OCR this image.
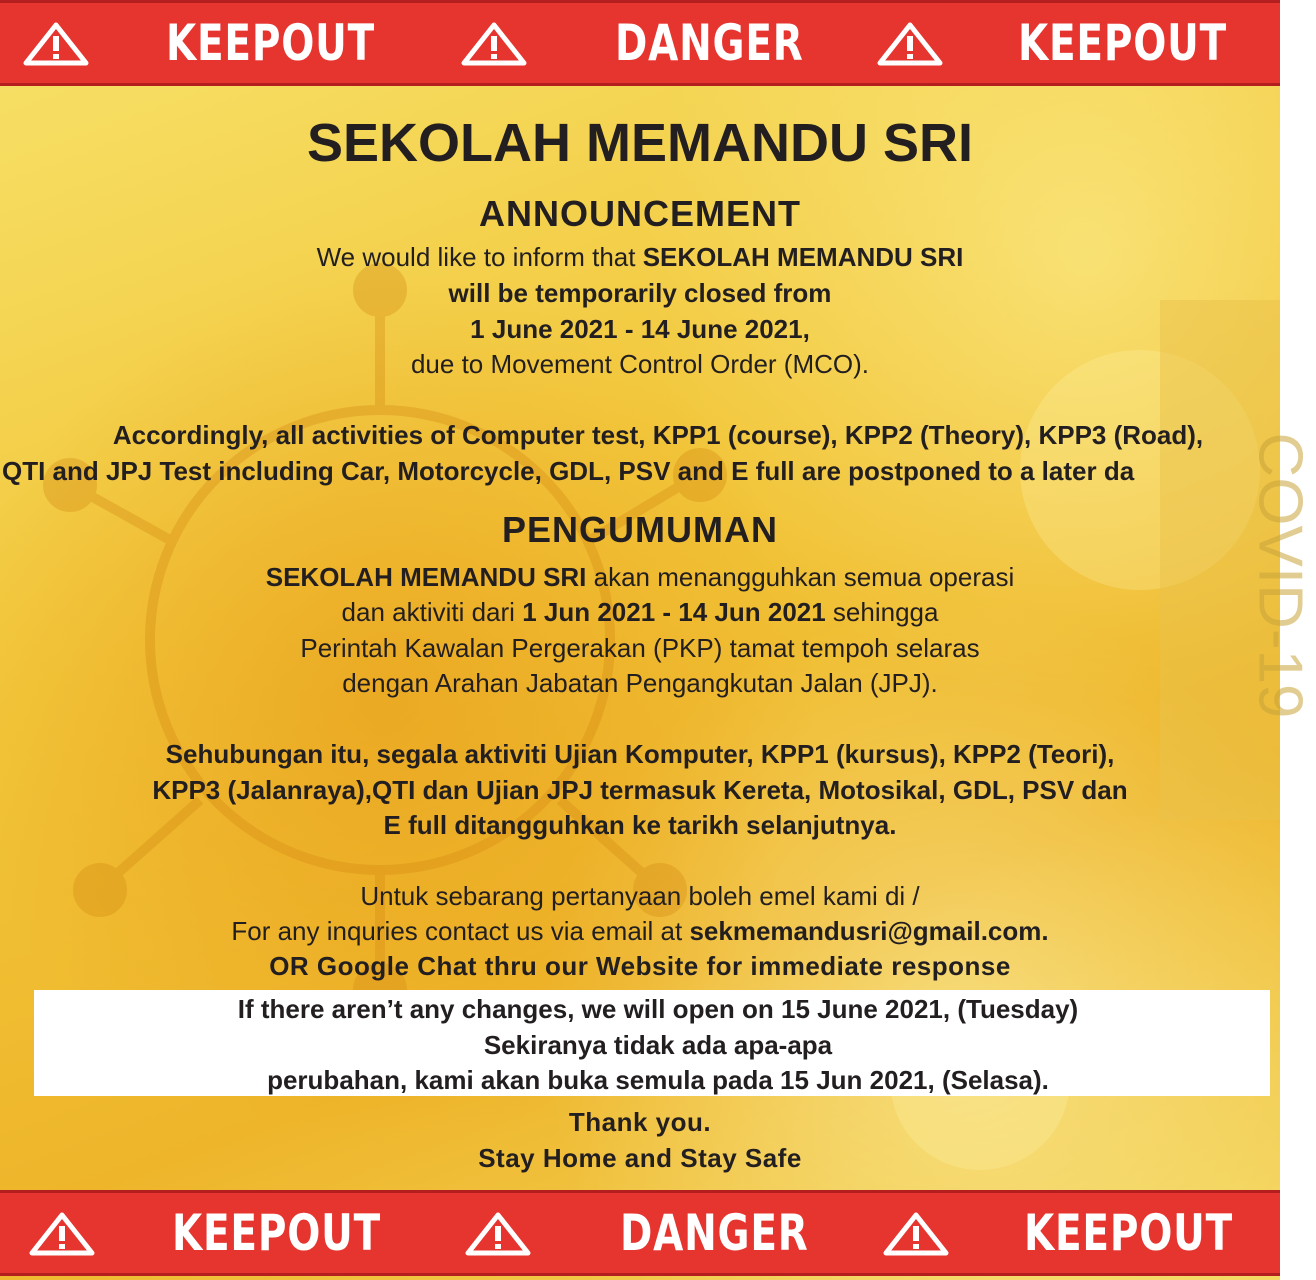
COVID-19
KEEPOUT	DANGER	KEEPOUT
SEKOLAH MEMANDU SRI
ANNOUNCEMENT
We would like to inform that SEKOLAH MEMANDU SRI
will be temporarily closed from
1 June 2021 - 14 June 2021,
due to Movement Control Order (MCO).
Accordingly, all activities of Computer test, KPP1 (course), KPP2 (Theory), KPP3 (Road),
QTI and JPJ Test including Car, Motorcycle, GDL, PSV and E full are postponed to a later da
PENGUMUMAN
SEKOLAH MEMANDU SRI akan menangguhkan semua operasi
dan aktiviti dari 1 Jun 2021 - 14 Jun 2021 sehingga
Perintah Kawalan Pergerakan (PKP) tamat tempoh selaras
dengan Arahan Jabatan Pengangkutan Jalan (JPJ).
Sehubungan itu, segala aktiviti Ujian Komputer, KPP1 (kursus), KPP2 (Teori),
KPP3 (Jalanraya),QTI dan Ujian JPJ termasuk Kereta, Motosikal, GDL, PSV dan
E full ditangguhkan ke tarikh selanjutnya.
Untuk sebarang pertanyaan boleh emel kami di /
For any inquries contact us via email at sekmemandusri@gmail.com.
OR Google Chat thru our Website for immediate response
If there aren’t any changes, we will open on 15 June 2021, (Tuesday)
Sekiranya tidak ada apa-apa
perubahan, kami akan buka semula pada 15 Jun 2021, (Selasa).
Thank you.
Stay Home and Stay Safe
KEEPOUT	DANGER	KEEPOUT
